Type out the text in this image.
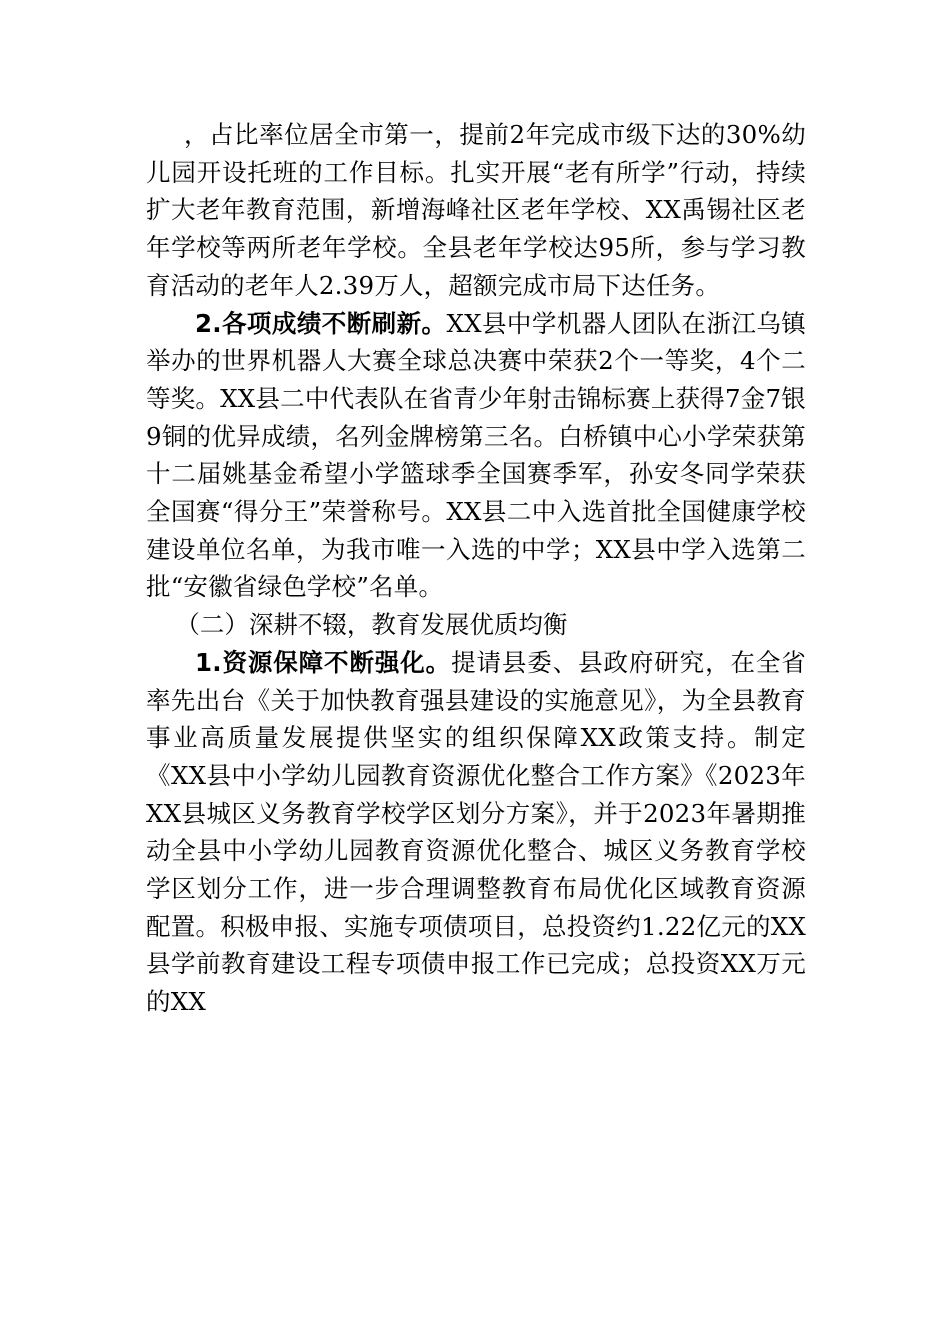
，占比率位居全市第一，提前2年完成市级下达的30%幼儿园开设托班的工作目标。扎实开展“老有所学”行动，持续扩大老年教育范围，新增海峰社区老年学校、XX禹锡社区老年学校等两所老年学校。全县老年学校达95所，参与学习教育活动的老年人2.39万人，超额完成市局下达任务。

2.各项成绩不断刷新。XX县中学机器人团队在浙江乌镇举办的世界机器人大赛全球总决赛中荣获2个一等奖，4个二等奖。XX县二中代表队在省青少年射击锦标赛上获得7金7银9铜的优异成绩，名列金牌榜第三名。白桥镇中心小学荣获第十二届姚基金希望小学篮球季全国赛季军，孙安冬同学荣获全国赛“得分王”荣誉称号。XX县二中入选首批全国健康学校建设单位名单，为我市唯一入选的中学；XX县中学入选第二批“安徽省绿色学校”名单。

（二）深耕不辍，教育发展优质均衡

1.资源保障不断强化。提请县委、县政府研究，在全省率先出台《关于加快教育强县建设的实施意见》，为全县教育事业高质量发展提供坚实的组织保障XX政策支持。制定《XX县中小学幼儿园教育资源优化整合工作方案》《2023年XX县城区义务教育学校学区划分方案》，并于2023年暑期推动全县中小学幼儿园教育资源优化整合、城区义务教育学校学区划分工作，进一步合理调整教育布局优化区域教育资源配置。积极申报、实施专项债项目，总投资约1.22亿元的XX县学前教育建设工程专项债申报工作已完成；总投资XX万元的XX
